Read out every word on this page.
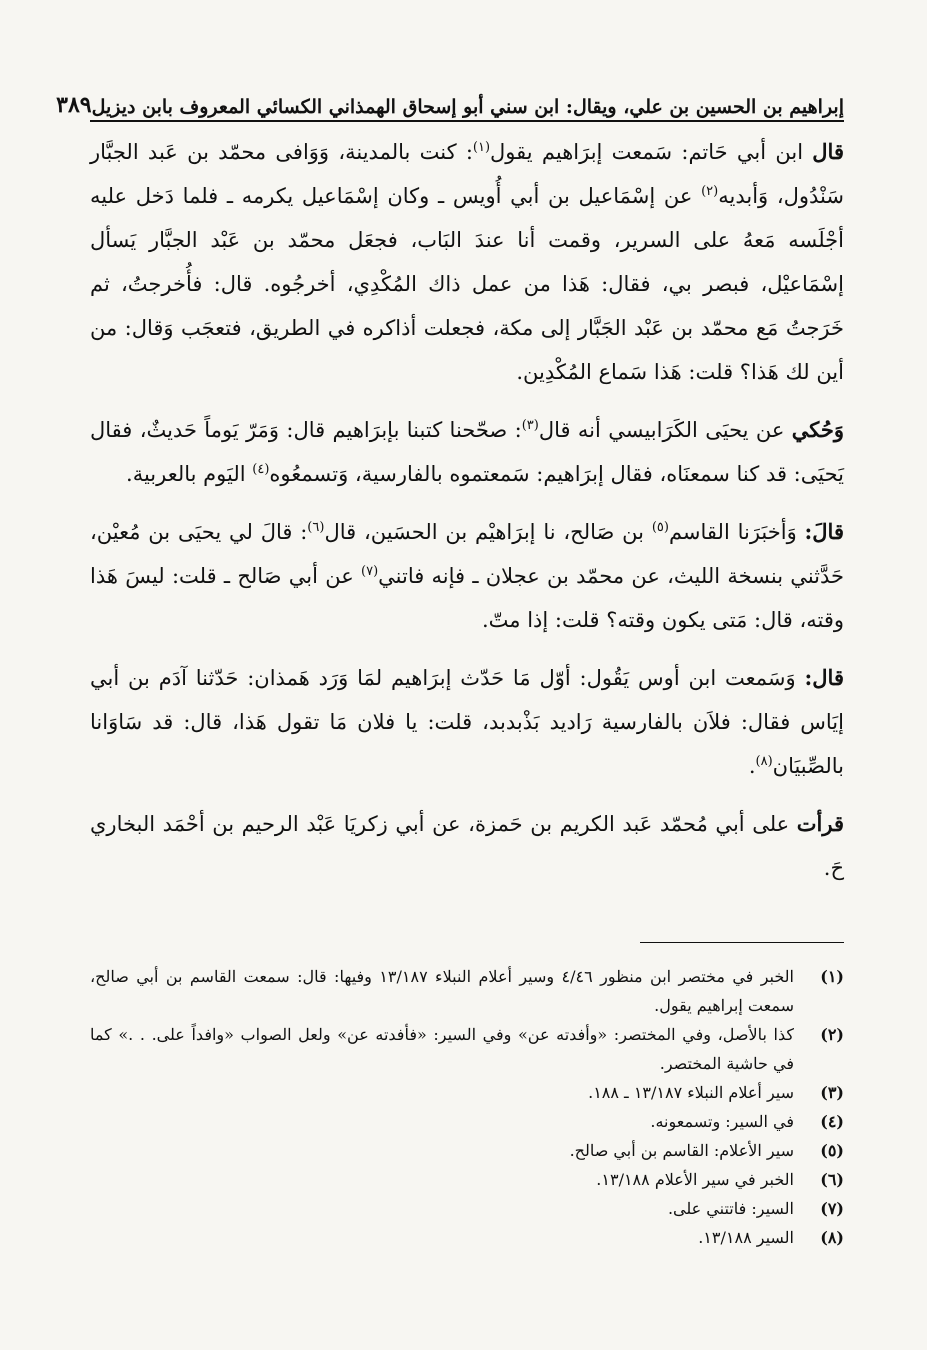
إبراهيم بن الحسين بن علي، ويقال: ابن سني أبو إسحاق الهمذاني الكسائي المعروف بابن ديزيل
٣٨٩

قال ابن أبي حَاتم: سَمعت إبرَاهيم يقول$^{(١)}$: كنت بالمدينة، وَوَافى محمّد بن عَبد الجبَّار سَنْدُول، وَأبديه$^{(٢)}$ عن إسْمَاعيل بن أبي أُويس ـ وكان إسْمَاعيل يكرمه ـ فلما دَخل عليه أجْلَسه مَعهُ على السرير، وقمت أنا عندَ البَاب، فجعَل محمّد بن عَبْد الجبَّار يَسأل إسْمَاعيْل، فبصر بي، فقال: هَذا من عمل ذاك المُكْدِي، أخرجُوه. قال: فأُخرجتُ، ثم خَرَجتُ مَع محمّد بن عَبْد الجَبَّار إلى مكة، فجعلت أذاكره في الطريق، فتعجَب وَقال: من أين لك هَذا؟ قلت: هَذا سَماع المُكْدِين.

وَحُكي عن يحيَى الكَرَابيسي أنه قال$^{(٣)}$: صحّحنا كتبنا بإبرَاهيم قال: وَمَرّ يَوماً حَديثٌ، فقال يَحيَى: قد كنا سمعنَاه، فقال إبرَاهيم: سَمعتموه بالفارسية، وَتسمعُوه$^{(٤)}$ اليَوم بالعربية.

قالَ: وَأخبَرَنا القاسم$^{(٥)}$ بن صَالح، نا إبرَاهيْم بن الحسَين، قال$^{(٦)}$: قالَ لي يحيَى بن مُعيْن، حَدَّثني بنسخة الليث، عن محمّد بن عجلان ـ فإنه فاتني$^{(٧)}$ عن أبي صَالح ـ قلت: ليسَ هَذا وقته، قال: مَتى يكون وقته؟ قلت: إذا متّ.

قال: وَسَمعت ابن أوس يَقُول: أوّل مَا حَدّث إبرَاهيم لمَا وَرَد هَمذان: حَدّثنا آدَم بن أبي إيَاس فقال: فلاَن بالفارسية رَاديد بَذْبدبد، قلت: يا فلان مَا تقول هَذا، قال: قد سَاوَانا بالصِّبيَان$^{(٨)}$.

قرأت على أبي مُحمّد عَبد الكريم بن حَمزة، عن أبي زكريَا عَبْد الرحيم بن أحْمَد البخاري حَ.

(١)
الخبر في مختصر ابن منظور ٤/٤٦ وسير أعلام النبلاء ١٣/١٨٧ وفيها: قال: سمعت القاسم بن أبي صالح، سمعت إبراهيم يقول.
(٢)
كذا بالأصل، وفي المختصر: «وأفدته عن» وفي السير: «فأفدته عن» ولعل الصواب «وافداً على. . .» كما في حاشية المختصر.
(٣)
سير أعلام النبلاء ١٣/١٨٧ ـ ١٨٨.
(٤)
في السير: وتسمعونه.
(٥)
سير الأعلام: القاسم بن أبي صالح.
(٦)
الخبر في سير الأعلام ١٣/١٨٨.
(٧)
السير: فاتتني على.
(٨)
السير ١٣/١٨٨.
